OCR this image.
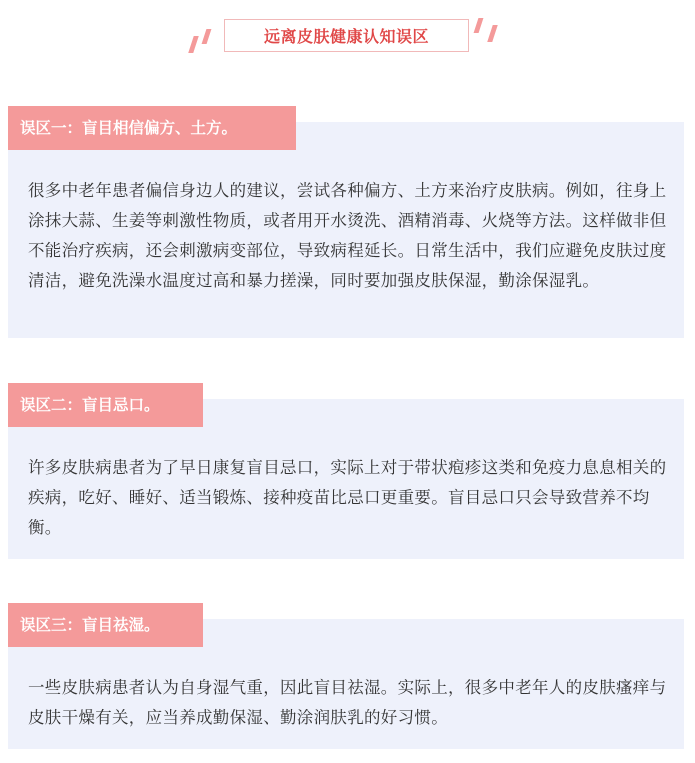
远离皮肤健康认知误区
误区一：盲目相信偏方、土方。

很多中老年患者偏信身边人的建议，尝试各种偏方、土方来治疗皮肤病。例如，往身上涂抹大蒜、生姜等刺激性物质，或者用开水烫洗、酒精消毒、火烧等方法。这样做非但不能治疗疾病，还会刺激病变部位，导致病程延长。日常生活中，我们应避免皮肤过度清洁，避免洗澡水温度过高和暴力搓澡，同时要加强皮肤保湿，勤涂保湿乳。

误区二：盲目忌口。

许多皮肤病患者为了早日康复盲目忌口，实际上对于带状疱疹这类和免疫力息息相关的疾病，吃好、睡好、适当锻炼、接种疫苗比忌口更重要。盲目忌口只会导致营养不均衡。

误区三：盲目祛湿。

一些皮肤病患者认为自身湿气重，因此盲目祛湿。实际上，很多中老年人的皮肤瘙痒与皮肤干燥有关，应当养成勤保湿、勤涂润肤乳的好习惯。
